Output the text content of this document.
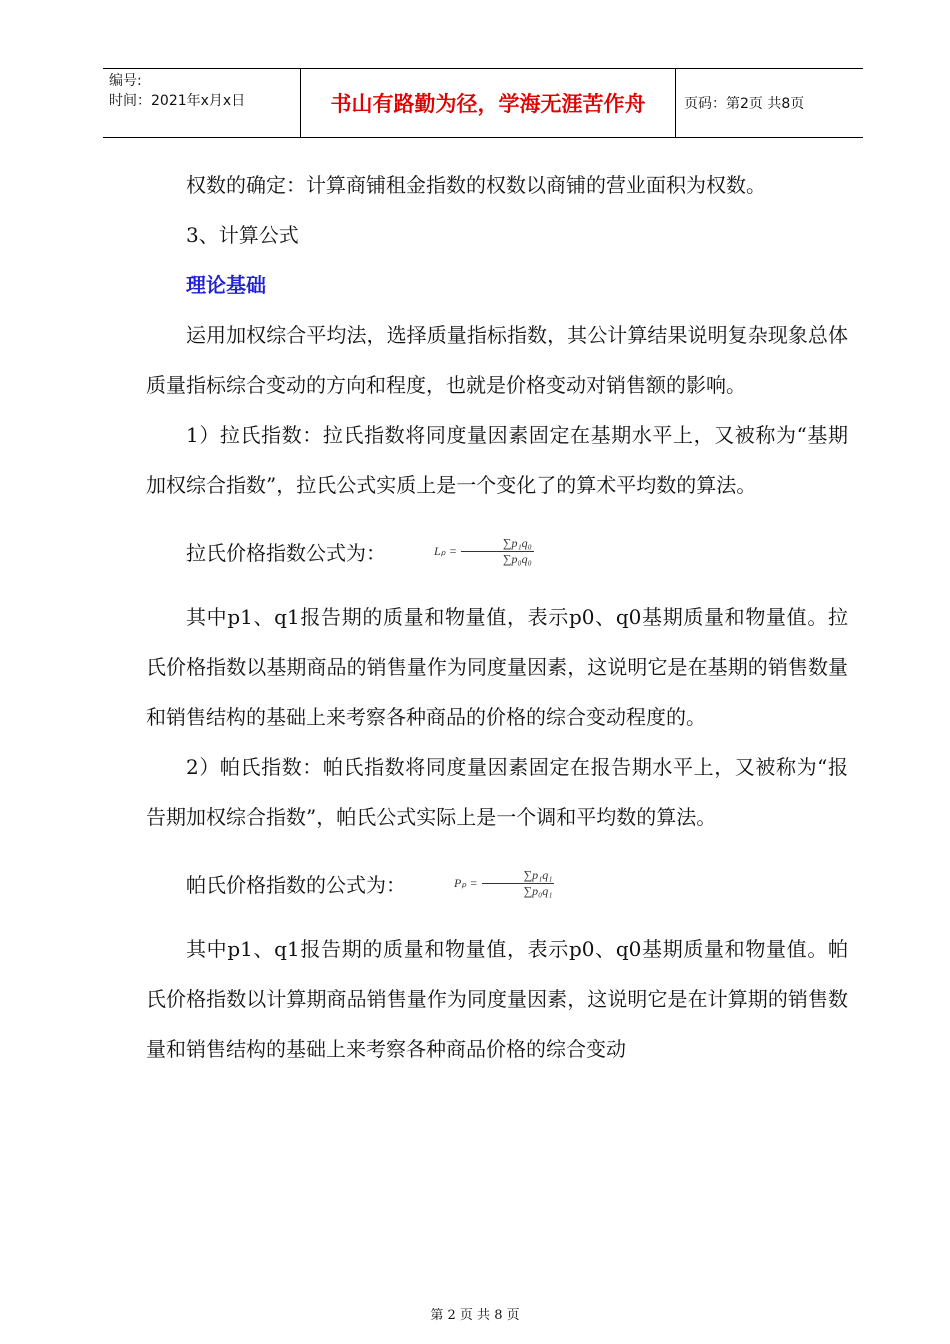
编号:
时间：2021年x月x日	书山有路勤为径，学海无涯苦作舟	页码：第2页 共8页

权数的确定：计算商铺租金指数的权数以商铺的营业面积为权数。

3、计算公式

理论基础

运用加权综合平均法，选择质量指标指数，其公计算结果说明复杂现象总体质量指标综合变动的方向和程度，也就是价格变动对销售额的影响。

1）拉氏指数：拉氏指数将同度量因素固定在基期水平上，又被称为“基期加权综合指数”，拉氏公式实质上是一个变化了的算术平均数的算法。

拉氏价格指数公式为：	$L_p = \frac{\text{∑p₁q₀}}{\text{∑p₀q₀}}$

其中p1、q1报告期的质量和物量值，表示p0、q0基期质量和物量值。拉氏价格指数以基期商品的销售量作为同度量因素，这说明它是在基期的销售数量和销售结构的基础上来考察各种商品的价格的综合变动程度的。

2）帕氏指数：帕氏指数将同度量因素固定在报告期水平上，又被称为“报告期加权综合指数”，帕氏公式实际上是一个调和平均数的算法。

帕氏价格指数的公式为：	$P_p = \frac{\text{∑p₁q₁}}{\text{∑p₀q₁}}$

其中p1、q1报告期的质量和物量值，表示p0、q0基期质量和物量值。帕氏价格指数以计算期商品销售量作为同度量因素，这说明它是在计算期的销售数量和销售结构的基础上来考察各种商品价格的综合变动

第 2 页 共 8 页
